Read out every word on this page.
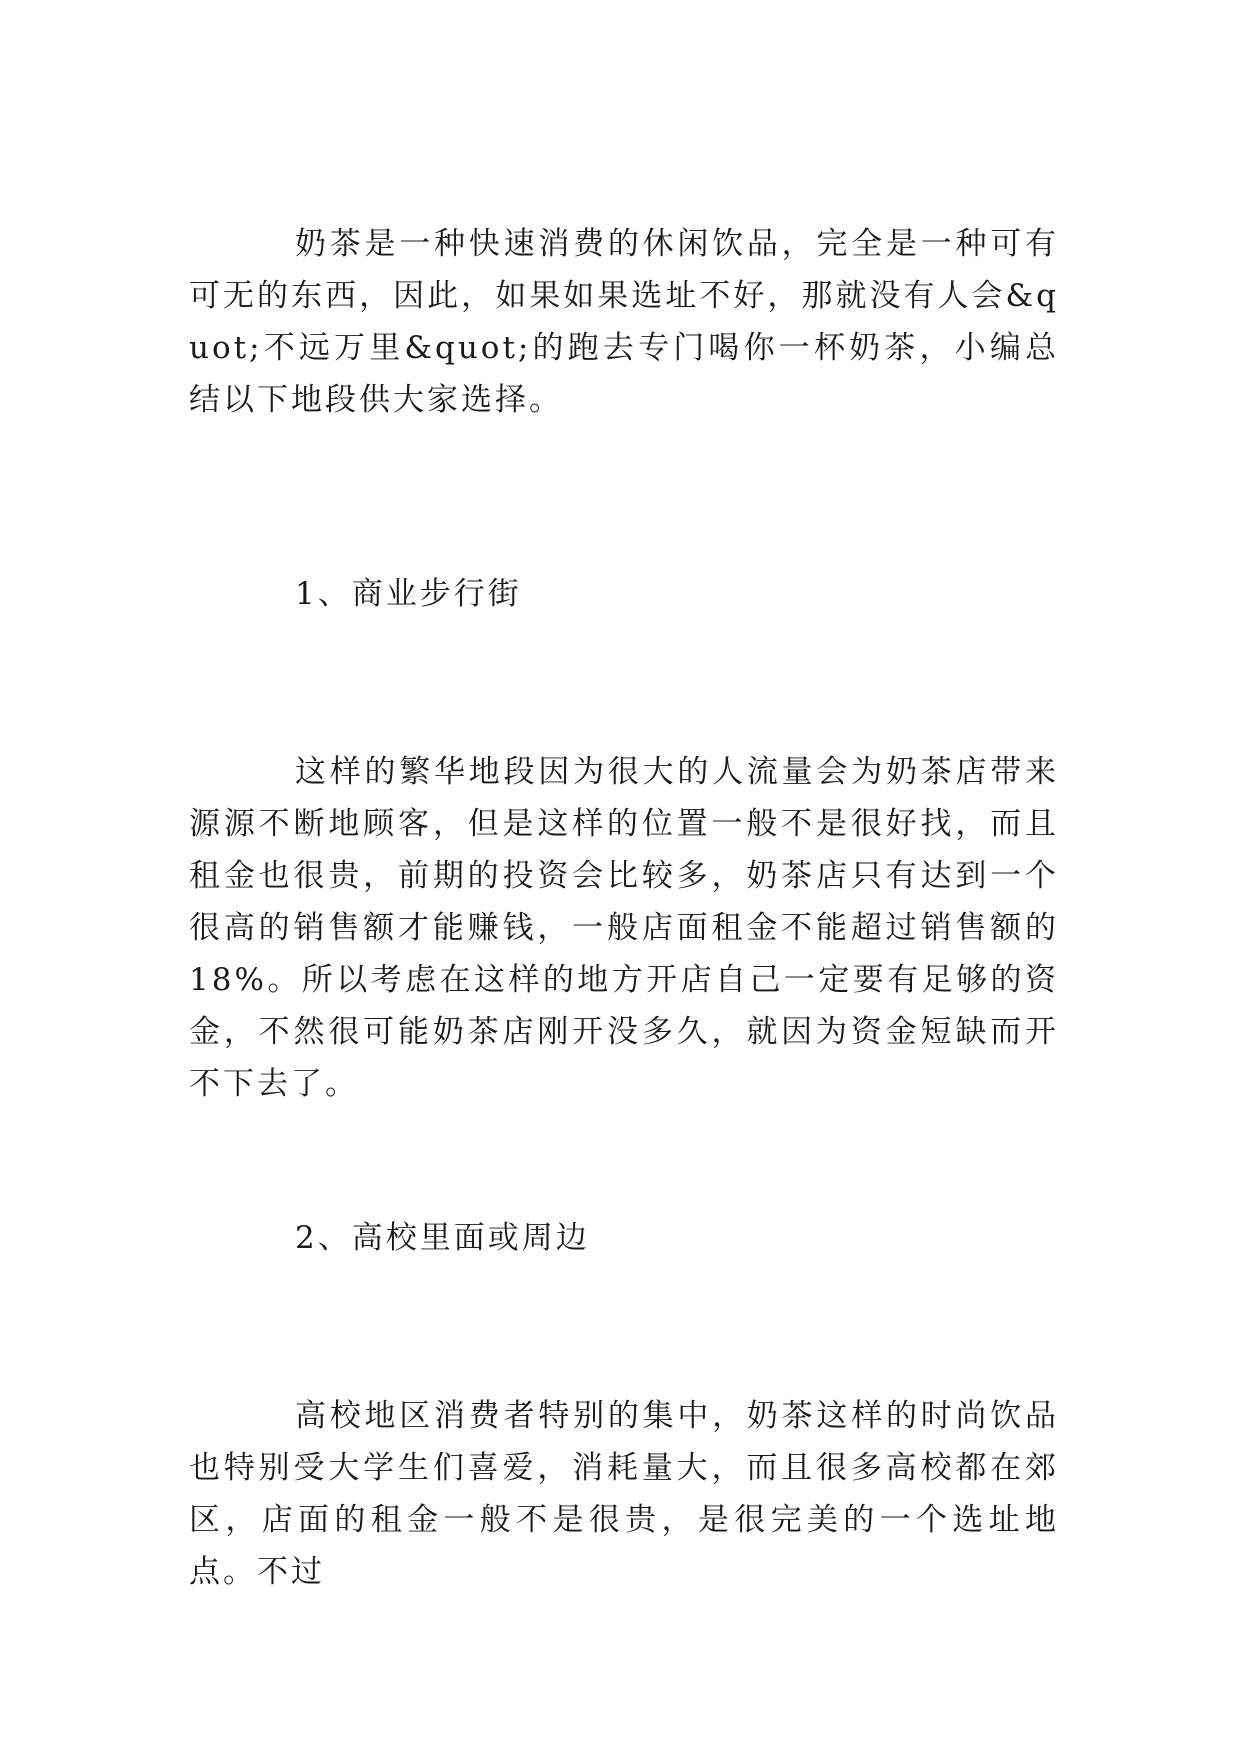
奶茶是一种快速消费的休闲饮品，完全是一种可有可无的东西，因此，如果如果选址不好，那就没有人会&quot;不远万里&quot;的跑去专门喝你一杯奶茶，小编总结以下地段供大家选择。

1、商业步行街

这样的繁华地段因为很大的人流量会为奶茶店带来源源不断地顾客，但是这样的位置一般不是很好找，而且租金也很贵，前期的投资会比较多，奶茶店只有达到一个很高的销售额才能赚钱，一般店面租金不能超过销售额的18%。所以考虑在这样的地方开店自己一定要有足够的资金，不然很可能奶茶店刚开没多久，就因为资金短缺而开不下去了。

2、高校里面或周边

高校地区消费者特别的集中，奶茶这样的时尚饮品也特别受大学生们喜爱，消耗量大，而且很多高校都在郊区，店面的租金一般不是很贵，是很完美的一个选址地点。不过
